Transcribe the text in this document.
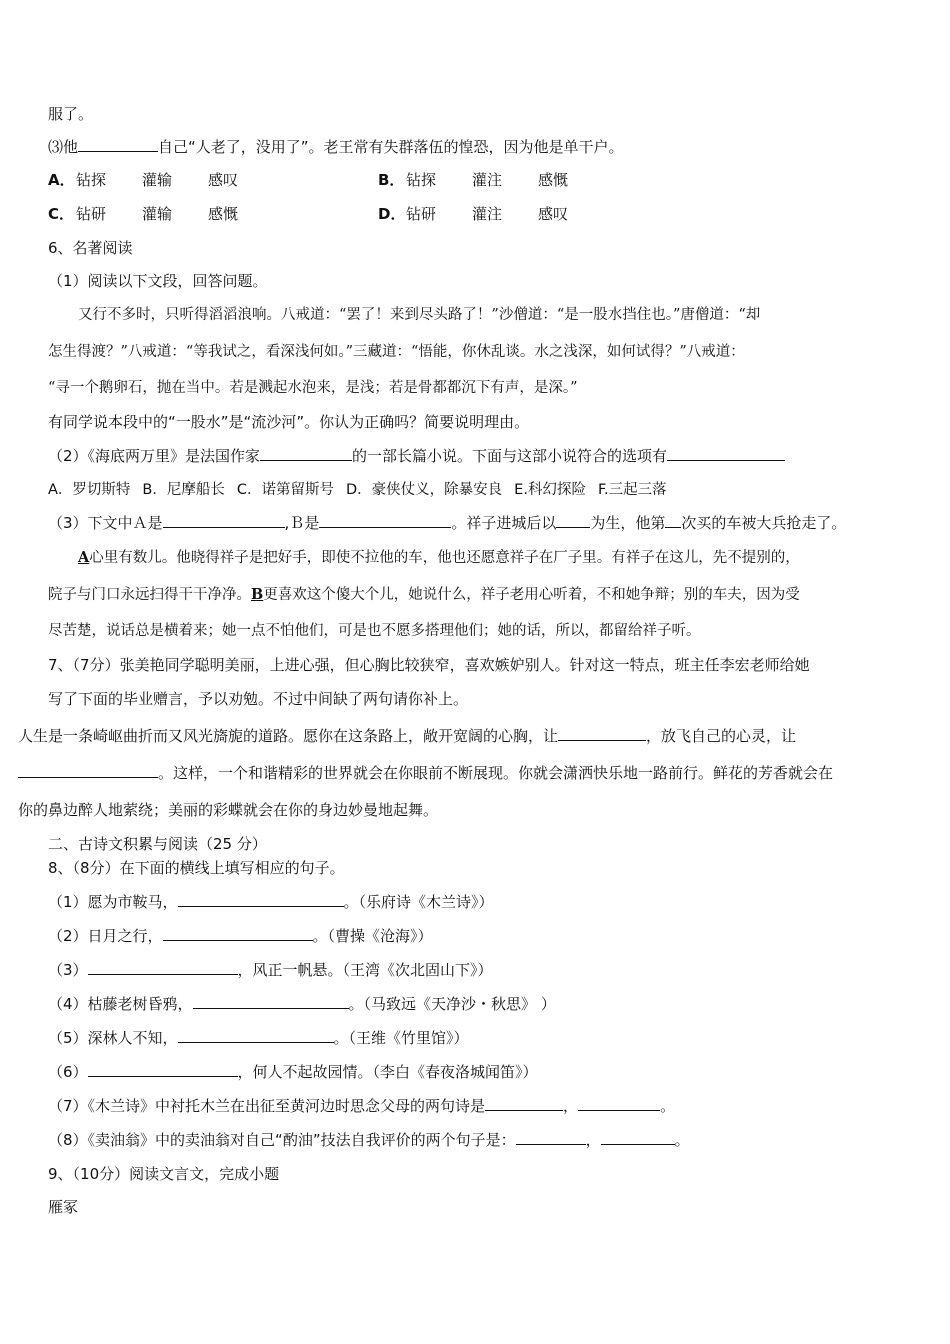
服了。
⑶他	自己“人老了，没用了”。老王常有失群落伍的惶恐，因为他是单干户。
A．钻探 灌输 感叹	B． 钻探 灌注 感慨
C． 钻研 灌输 感慨	D．钻研 灌注 感叹
6、名著阅读
（1）阅读以下文段，回答问题。
又行不多时，只听得滔滔浪响。八戒道：“罢了！来到尽头路了！”沙僧道：“是一股水挡住也。”唐僧道：“却
怎生得渡？”八戒道：“等我试之，看深浅何如。”三藏道：“悟能，你休乱谈。水之浅深，如何试得？”八戒道：
“寻一个鹅卵石，抛在当中。若是溅起水泡来，是浅；若是骨都都沉下有声，是深。”
有同学说本段中的“一股水”是“流沙河”。你认为正确吗？简要说明理由。
（2）《海底两万里》是法国作家	的一部长篇小说。下面与这部小说符合的选项有
A．罗切斯特 B．尼摩船长 C．诺第留斯号 D．豪侠仗义，除暴安良 E.科幻探险 F.三起三落
（3）下文中Ａ是	,Ｂ是	。祥子进城后以 为生，他第 次买的车被大兵抢走了。
A心里有数儿。他晓得祥子是把好手，即使不拉他的车，他也还愿意祥子在厂子里。有祥子在这儿，先不提别的，
院子与门口永远扫得干干净净。B更喜欢这个傻大个儿，她说什么，祥子老用心听着，不和她争辩；别的车夫，因为受
尽苦楚，说话总是横着来；她一点不怕他们，可是也不愿多搭理他们；她的话，所以，都留给祥子听。
7、（7分）张美艳同学聪明美丽，上进心强，但心胸比较狭窄，喜欢嫉妒别人。针对这一特点，班主任李宏老师给她
写了下面的毕业赠言，予以劝勉。不过中间缺了两句请你补上。
人生是一条崎岖曲折而又风光旖旎的道路。愿你在这条路上，敞开宽阔的心胸，让	，放飞自己的心灵，让
。这样，一个和谐精彩的世界就会在你眼前不断展现。你就会潇洒快乐地一路前行。鲜花的芳香就会在
你的鼻边醉人地萦绕；美丽的彩蝶就会在你的身边妙曼地起舞。
二、古诗文积累与阅读（25 分）
8、（8分）在下面的横线上填写相应的句子。
（1）愿为市鞍马，	。（乐府诗《木兰诗》）
（2）日月之行，	。（曹操《沧海》）
（3）	，风正一帆悬。（王湾《次北固山下》）
（4）枯藤老树昏鸦，	。（马致远《天净沙・秋思》 ）
（5）深林人不知，	。（王维《竹里馆》）
（6）	，何人不起故园情。（李白《春夜洛城闻笛》）
（7）《木兰诗》中衬托木兰在出征至黄河边时思念父母的两句诗是	，	。
（8）《卖油翁》中的卖油翁对自己“酌油”技法自我评价的两个句子是：	，	。
9、（10分）阅读文言文，完成小题
雁冢
